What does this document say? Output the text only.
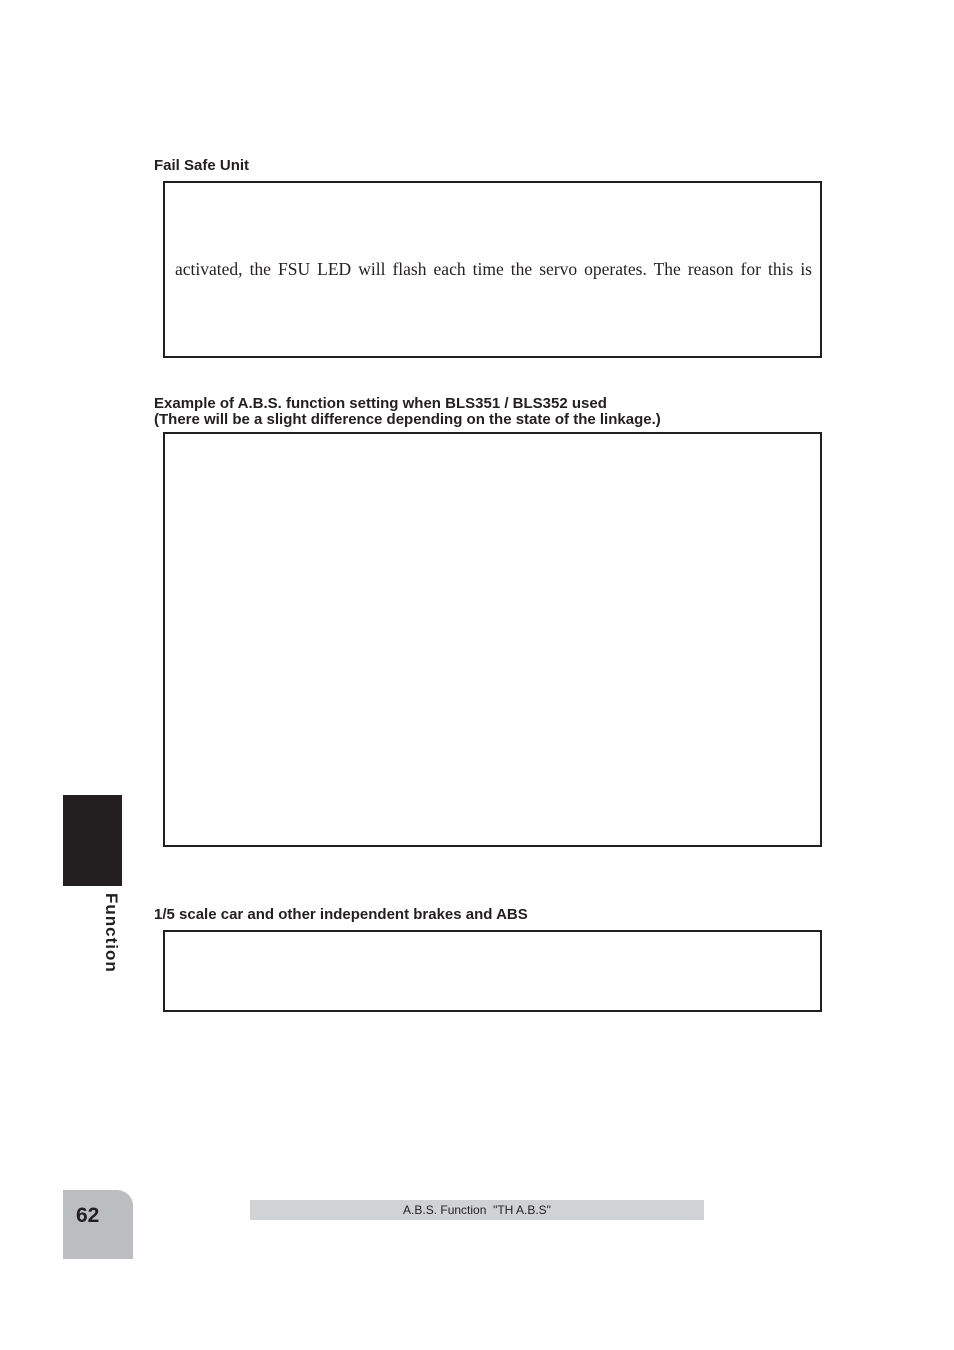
Fail Safe Unit
activated, the FSU LED will flash each time the servo operates. The reason for this is
Example of A.B.S. function setting when BLS351 / BLS352 used
(There will be a slight difference depending on the state of the linkage.)
Function 1/5 scale car and other independent brakes and ABS
62	A.B.S. Function  "TH A.B.S"
